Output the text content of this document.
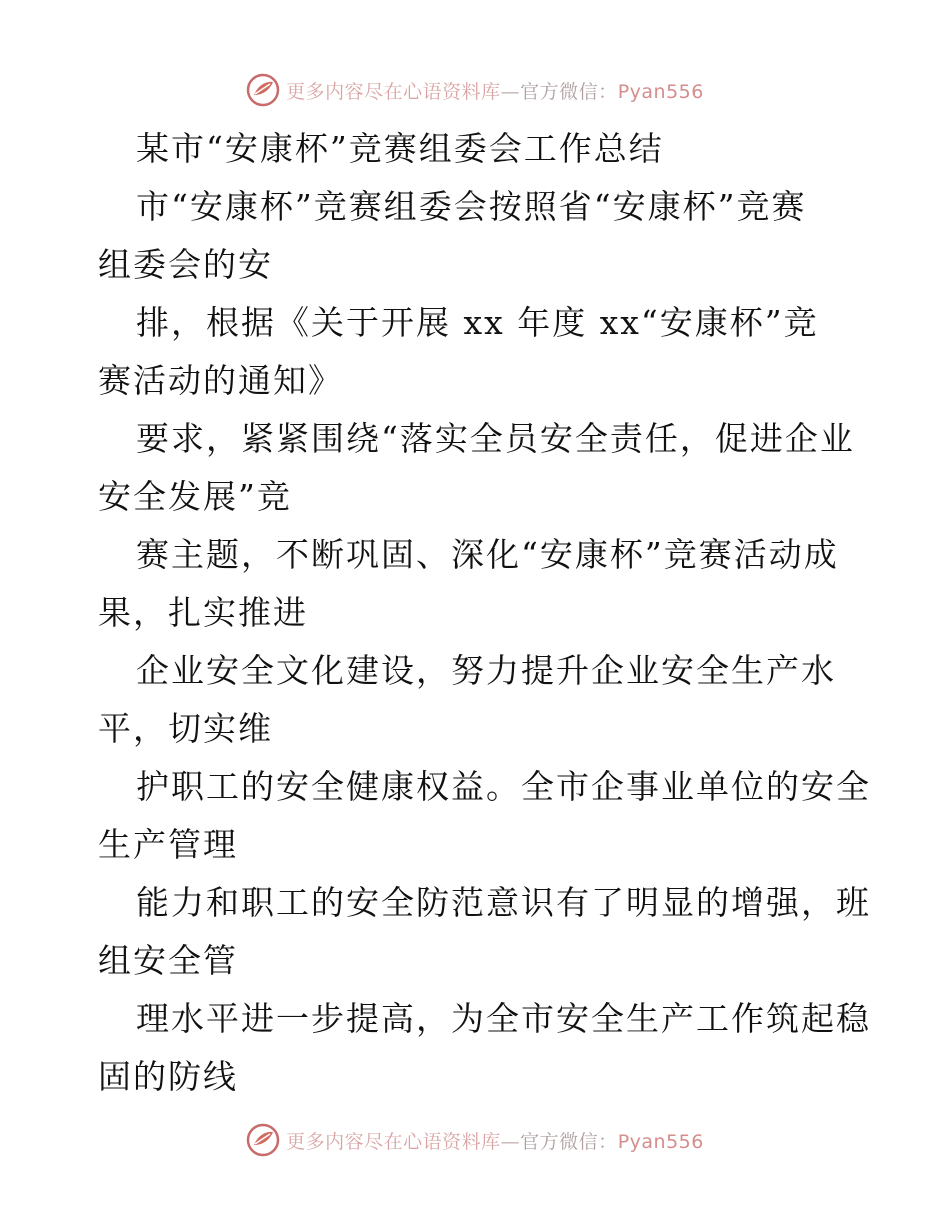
更多内容尽在心语资料库—官方微信：Pyan556
某市“安康杯”竞赛组委会工作总结
市“安康杯”竞赛组委会按照省“安康杯”竞赛
组委会的安
排，根据《关于开展 xx 年度 xx“安康杯”竞
赛活动的通知》
要求，紧紧围绕“落实全员安全责任，促进企业
安全发展”竞
赛主题，不断巩固、深化“安康杯”竞赛活动成
果，扎实推进
企业安全文化建设，努力提升企业安全生产水
平，切实维
护职工的安全健康权益。全市企事业单位的安全
生产管理
能力和职工的安全防范意识有了明显的增强，班
组安全管
理水平进一步提高，为全市安全生产工作筑起稳
固的防线
更多内容尽在心语资料库—官方微信：Pyan556
